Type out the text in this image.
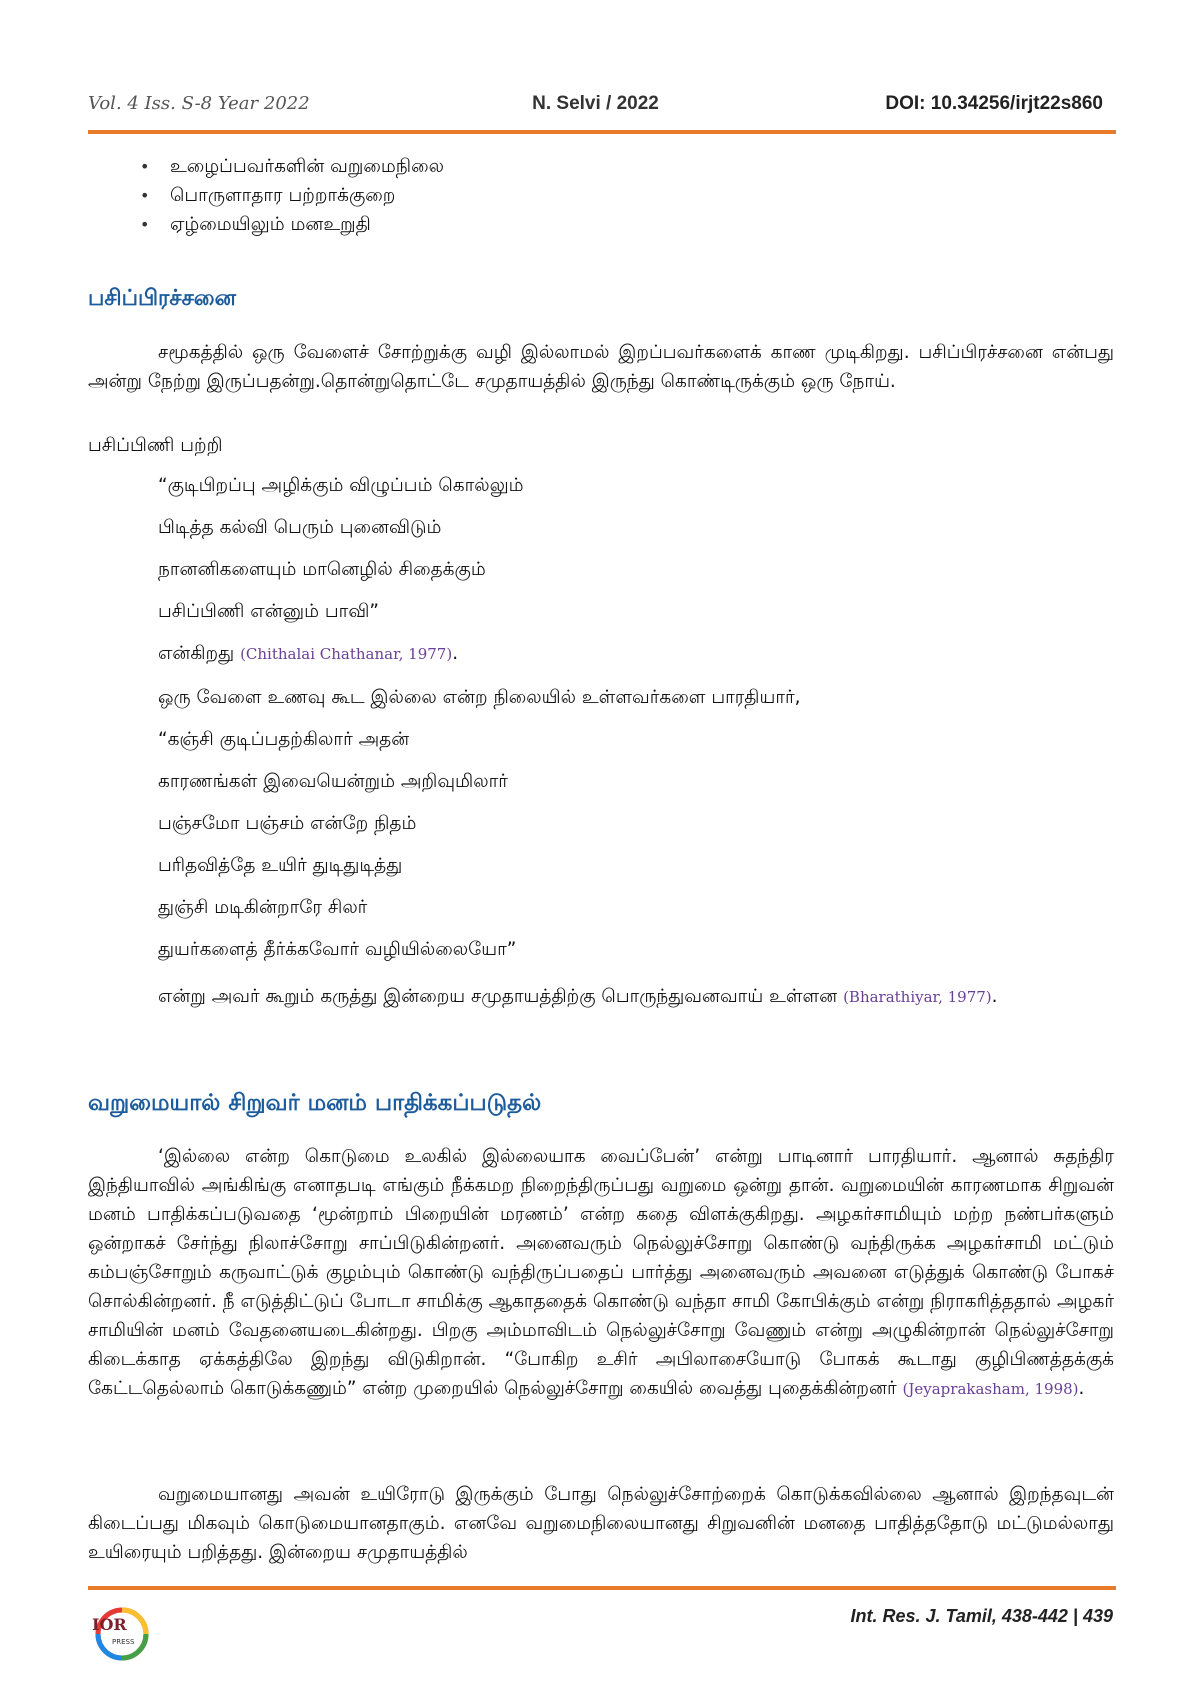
Vol. 4 Iss. S-8 Year 2022	N. Selvi / 2022	DOI: 10.34256/irjt22s860
• உழைப்பவர்களின் வறுமைநிலை
• பொருளாதார பற்றாக்குறை
• ஏழ்மையிலும் மனஉறுதி
பசிப்பிரச்சனை

சமூகத்தில் ஒரு வேளைச் சோற்றுக்கு வழி இல்லாமல் இறப்பவர்களைக் காண முடிகிறது. பசிப்பிரச்சனை என்பது அன்று நேற்று இருப்பதன்று.தொன்றுதொட்டே சமுதாயத்தில் இருந்து கொண்டிருக்கும் ஒரு நோய்.

பசிப்பிணி பற்றி

“குடிபிறப்பு அழிக்கும் விழுப்பம் கொல்லும்

பிடித்த கல்வி பெரும் புனைவிடும்

நானனிகளையும் மானெழில் சிதைக்கும்

பசிப்பிணி என்னும் பாவி”

என்கிறது (Chithalai Chathanar, 1977).

ஒரு வேளை உணவு கூட இல்லை என்ற நிலையில் உள்ளவர்களை பாரதியார்,

“கஞ்சி குடிப்பதற்கிலார் அதன்

காரணங்கள் இவையென்றும் அறிவுமிலார்

பஞ்சமோ பஞ்சம் என்றே நிதம்

பரிதவித்தே உயிர் துடிதுடித்து

துஞ்சி மடிகின்றாரே சிலர்

துயர்களைத் தீர்க்கவோர் வழியில்லையோ”

என்று அவர் கூறும் கருத்து இன்றைய சமுதாயத்திற்கு பொருந்துவனவாய் உள்ளன (Bharathiyar, 1977).

வறுமையால் சிறுவர் மனம் பாதிக்கப்படுதல்

‘இல்லை என்ற கொடுமை உலகில் இல்லையாக வைப்பேன்’ என்று பாடினார் பாரதியார். ஆனால் சுதந்திர இந்தியாவில் அங்கிங்கு எனாதபடி எங்கும் நீக்கமற நிறைந்திருப்பது வறுமை ஒன்று தான். வறுமையின் காரணமாக சிறுவன் மனம் பாதிக்கப்படுவதை ‘மூன்றாம் பிறையின் மரணம்’ என்ற கதை விளக்குகிறது. அழகர்சாமியும் மற்ற நண்பர்களும் ஒன்றாகச் சேர்ந்து நிலாச்சோறு சாப்பிடுகின்றனர். அனைவரும் நெல்லுச்சோறு கொண்டு வந்திருக்க அழகர்சாமி மட்டும் கம்பஞ்சோறும் கருவாட்டுக் குழம்பும் கொண்டு வந்திருப்பதைப் பார்த்து அனைவரும் அவனை எடுத்துக் கொண்டு போகச் சொல்கின்றனர். நீ எடுத்திட்டுப் போடா சாமிக்கு ஆகாததைக் கொண்டு வந்தா சாமி கோபிக்கும் என்று நிராகரித்ததால் அழகர் சாமியின் மனம் வேதனையடைகின்றது. பிறகு அம்மாவிடம் நெல்லுச்சோறு வேணும் என்று அழுகின்றான் நெல்லுச்சோறு கிடைக்காத ஏக்கத்திலே இறந்து விடுகிறான். “போகிற உசிர் அபிலாசையோடு போகக் கூடாது குழிபிணத்தக்குக் கேட்டதெல்லாம் கொடுக்கணும்” என்ற முறையில் நெல்லுச்சோறு கையில் வைத்து புதைக்கின்றனர் (Jeyaprakasham, 1998).

வறுமையானது அவன் உயிரோடு இருக்கும் போது நெல்லுச்சோற்றைக் கொடுக்கவில்லை ஆனால் இறந்தவுடன் கிடைப்பது மிகவும் கொடுமையானதாகும். எனவே வறுமைநிலையானது சிறுவனின் மனதை பாதித்ததோடு மட்டுமல்லாது உயிரையும் பறித்தது. இன்றைய சமுதாயத்தில்

IOR
PRESS
Int. Res. J. Tamil, 438-442 | 439
